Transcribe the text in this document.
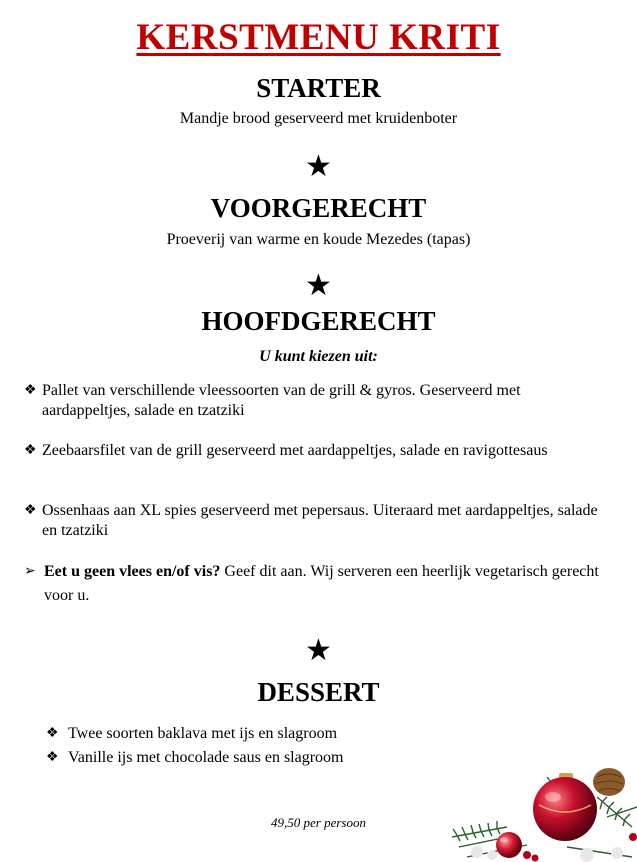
KERSTMENU KRITI
STARTER
Mandje brood geserveerd met kruidenboter
★
VOORGERECHT
Proeverij van warme en koude Mezedes (tapas)
★
HOOFDGERECHT
U kunt kiezen uit:
❖ Pallet van verschillende vleessoorten van de grill & gyros. Geserveerd met aardappeltjes, salade en tzatziki
❖ Zeebaarsfilet van de grill geserveerd met aardappeltjes, salade en ravigottesaus
❖ Ossenhaas aan XL spies geserveerd met pepersaus. Uiteraard met aardappeltjes, salade en tzatziki
➢ Eet u geen vlees en/of vis? Geef dit aan. Wij serveren een heerlijk vegetarisch gerecht voor u.
★
DESSERT
❖ Twee soorten baklava met ijs en slagroom
❖ Vanille ijs met chocolade saus en slagroom
49,50 per persoon
